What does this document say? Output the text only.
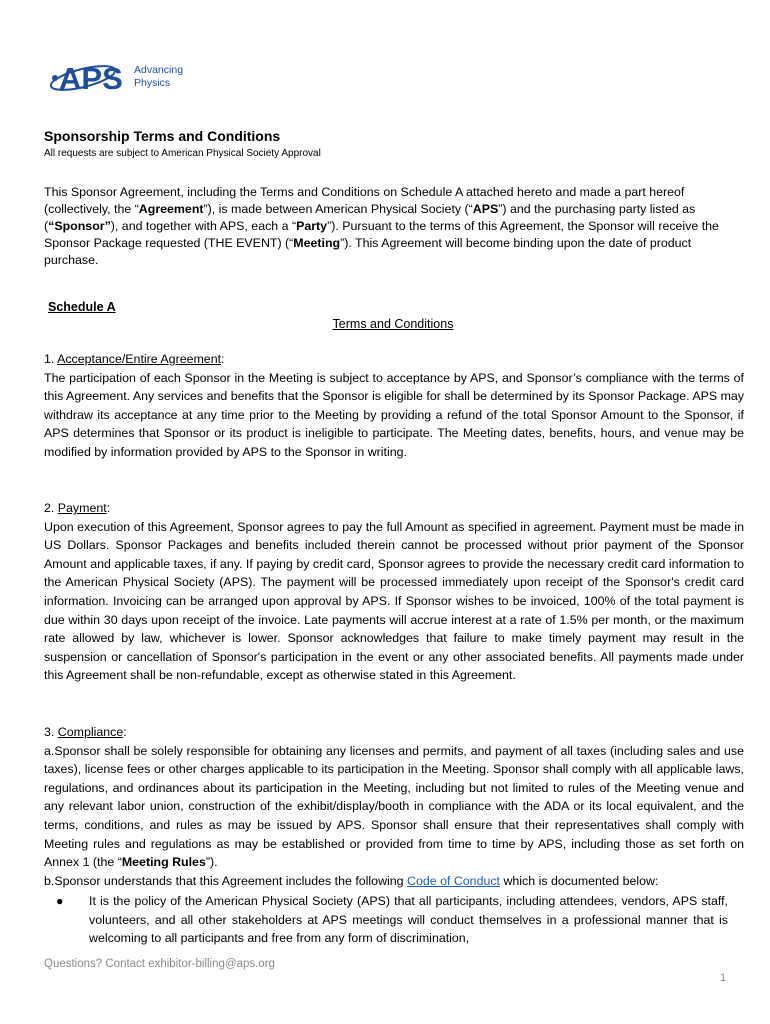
APS Advancing
Physics
Sponsorship Terms and Conditions
All requests are subject to American Physical Society Approval
This Sponsor Agreement, including the Terms and Conditions on Schedule A attached hereto and made a part hereof (collectively, the “Agreement”), is made between American Physical Society (“APS”) and the purchasing party listed as (“Sponsor”), and together with APS, each a “Party”). Pursuant to the terms of this Agreement, the Sponsor will receive the Sponsor Package requested (THE EVENT) (“Meeting”). This Agreement will become binding upon the date of product purchase.
Schedule A
Terms and Conditions
1. Acceptance/Entire Agreement:

The participation of each Sponsor in the Meeting is subject to acceptance by APS, and Sponsor’s compliance with the terms of this Agreement. Any services and benefits that the Sponsor is eligible for shall be determined by its Sponsor Package. APS may withdraw its acceptance at any time prior to the Meeting by providing a refund of the total Sponsor Amount to the Sponsor, if APS determines that Sponsor or its product is ineligible to participate. The Meeting dates, benefits, hours, and venue may be modified by information provided by APS to the Sponsor in writing.

2. Payment:

Upon execution of this Agreement, Sponsor agrees to pay the full Amount as specified in agreement. Payment must be made in US Dollars. Sponsor Packages and benefits included therein cannot be processed without prior payment of the Sponsor Amount and applicable taxes, if any. If paying by credit card, Sponsor agrees to provide the necessary credit card information to the American Physical Society (APS). The payment will be processed immediately upon receipt of the Sponsor's credit card information. Invoicing can be arranged upon approval by APS. If Sponsor wishes to be invoiced, 100% of the total payment is due within 30 days upon receipt of the invoice. Late payments will accrue interest at a rate of 1.5% per month, or the maximum rate allowed by law, whichever is lower. Sponsor acknowledges that failure to make timely payment may result in the suspension or cancellation of Sponsor's participation in the event or any other associated benefits. All payments made under this Agreement shall be non-refundable, except as otherwise stated in this Agreement.

3. Compliance:

a.Sponsor shall be solely responsible for obtaining any licenses and permits, and payment of all taxes (including sales and use taxes), license fees or other charges applicable to its participation in the Meeting. Sponsor shall comply with all applicable laws, regulations, and ordinances about its participation in the Meeting, including but not limited to rules of the Meeting venue and any relevant labor union, construction of the exhibit/display/booth in compliance with the ADA or its local equivalent, and the terms, conditions, and rules as may be issued by APS. Sponsor shall ensure that their representatives shall comply with Meeting rules and regulations as may be established or provided from time to time by APS, including those as set forth on Annex 1 (the “Meeting Rules”).

b.Sponsor understands that this Agreement includes the following Code of Conduct which is documented below:

● It is the policy of the American Physical Society (APS) that all participants, including attendees, vendors, APS staff, volunteers, and all other stakeholders at APS meetings will conduct themselves in a professional manner that is welcoming to all participants and free from any form of discrimination,
Questions? Contact exhibitor-billing@aps.org
1
